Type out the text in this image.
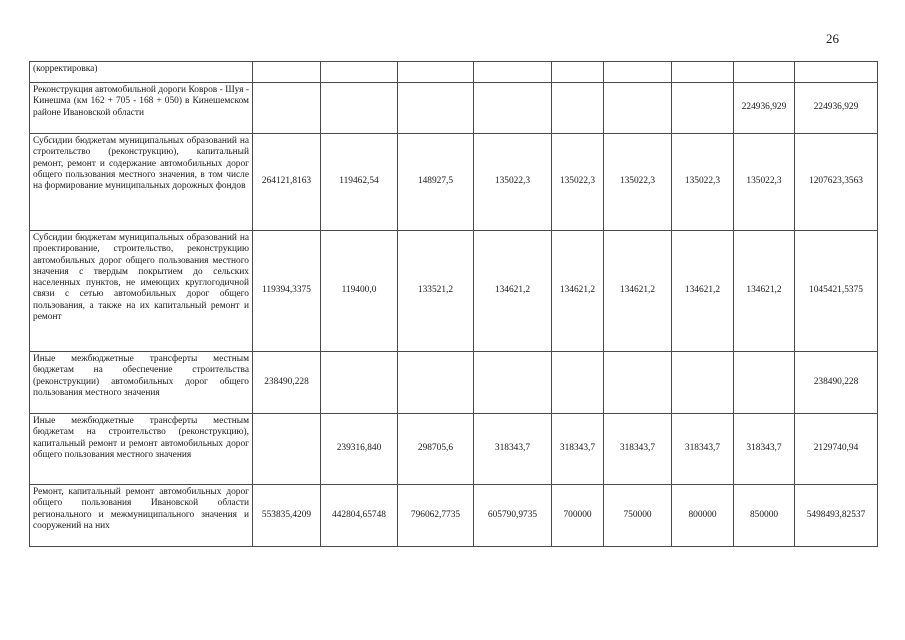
26
(корректировка)									
Реконструкция автомобильной дороги Ковров - Шуя - Кинешма (км 162 + 705 - 168 + 050) в Кинешемском районе Ивановской области								224936,929	224936,929
Субсидии бюджетам муниципальных образований на строительство (реконструкцию), капитальный ремонт, ремонт и содержание автомобильных дорог общего пользования местного значения, в том числе на формирование муниципальных дорожных фондов	264121,8163	119462,54	148927,5	135022,3	135022,3	135022,3	135022,3	135022,3	1207623,3563
Субсидии бюджетам муниципальных образований на проектирование, строительство, реконструкцию автомобильных дорог общего пользования местного значения с твердым покрытием до сельских населенных пунктов, не имеющих круглогодичной связи с сетью автомобильных дорог общего пользования, а также на их капитальный ремонт и ремонт	119394,3375	119400,0	133521,2	134621,2	134621,2	134621,2	134621,2	134621,2	1045421,5375
Иные межбюджетные трансферты местным бюджетам на обеспечение строительства (реконструкции) автомобильных дорог общего пользования местного значения	238490,228								238490,228
Иные межбюджетные трансферты местным бюджетам на строительство (реконструкцию), капитальный ремонт и ремонт автомобильных дорог общего пользования местного значения		239316,840	298705,6	318343,7	318343,7	318343,7	318343,7	318343,7	2129740,94
Ремонт, капитальный ремонт автомобильных дорог общего пользования Ивановской области регионального и межмуниципального значения и сооружений на них	553835,4209	442804,65748	796062,7735	605790,9735	700000	750000	800000	850000	5498493,82537
